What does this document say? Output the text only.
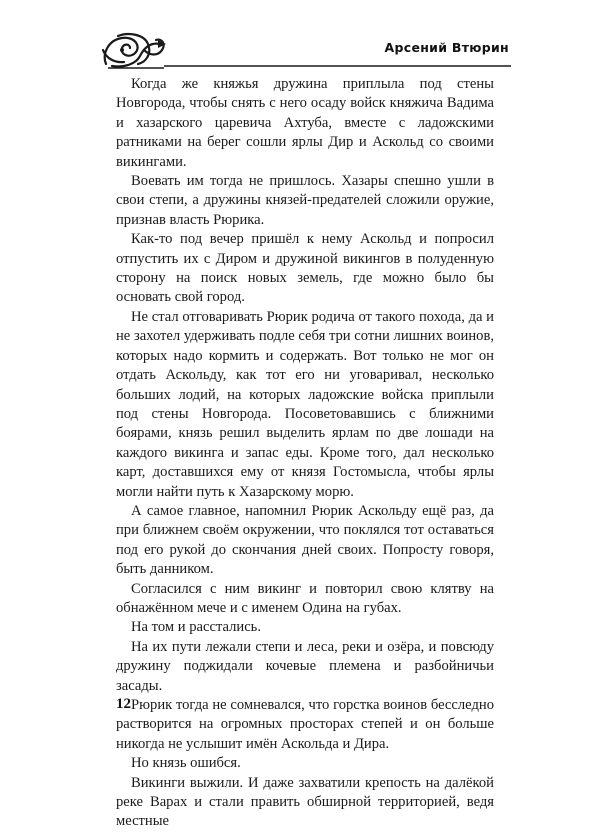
Арсений Втюрин

Когда же княжья дружина приплыла под стены Новгорода, чтобы снять с него осаду войск княжича Вадима и хазарского царевича Ахтуба, вместе с ладожскими ратниками на берег сошли ярлы Дир и Аскольд со своими викингами.

Воевать им тогда не пришлось. Хазары спешно ушли в свои степи, а дружины князей-предателей сложили оружие, признав власть Рюрика.

Как-то под вечер пришёл к нему Аскольд и попросил отпустить их с Диром и дружиной викингов в полуденную сторону на поиск новых земель, где можно было бы основать свой город.

Не стал отговаривать Рюрик родича от такого похода, да и не захотел удерживать подле себя три сотни лишних воинов, которых надо кормить и содержать. Вот только не мог он отдать Аскольду, как тот его ни уговаривал, несколько больших лодий, на которых ладожские войска приплыли под стены Новгорода. Посоветовавшись с ближними боярами, князь решил выделить ярлам по две лошади на каждого викинга и запас еды. Кроме того, дал несколько карт, доставшихся ему от князя Гостомысла, чтобы ярлы могли найти путь к Хазарскому морю.

А самое главное, напомнил Рюрик Аскольду ещё раз, да при ближнем своём окружении, что поклялся тот оставаться под его рукой до скончания дней своих. Попросту говоря, быть данником.

Согласился с ним викинг и повторил свою клятву на обнажённом мече и с именем Одина на губах.

На том и расстались.

На их пути лежали степи и леса, реки и озёра, и повсюду дружину поджидали кочевые племена и разбойничьи засады.

Рюрик тогда не сомневался, что горстка воинов бесследно растворится на огромных просторах степей и он больше никогда не услышит имён Аскольда и Дира.

Но князь ошибся.

Викинги выжили. И даже захватили крепость на далёкой реке Варах и стали править обширной территорией, ведя местные

12
